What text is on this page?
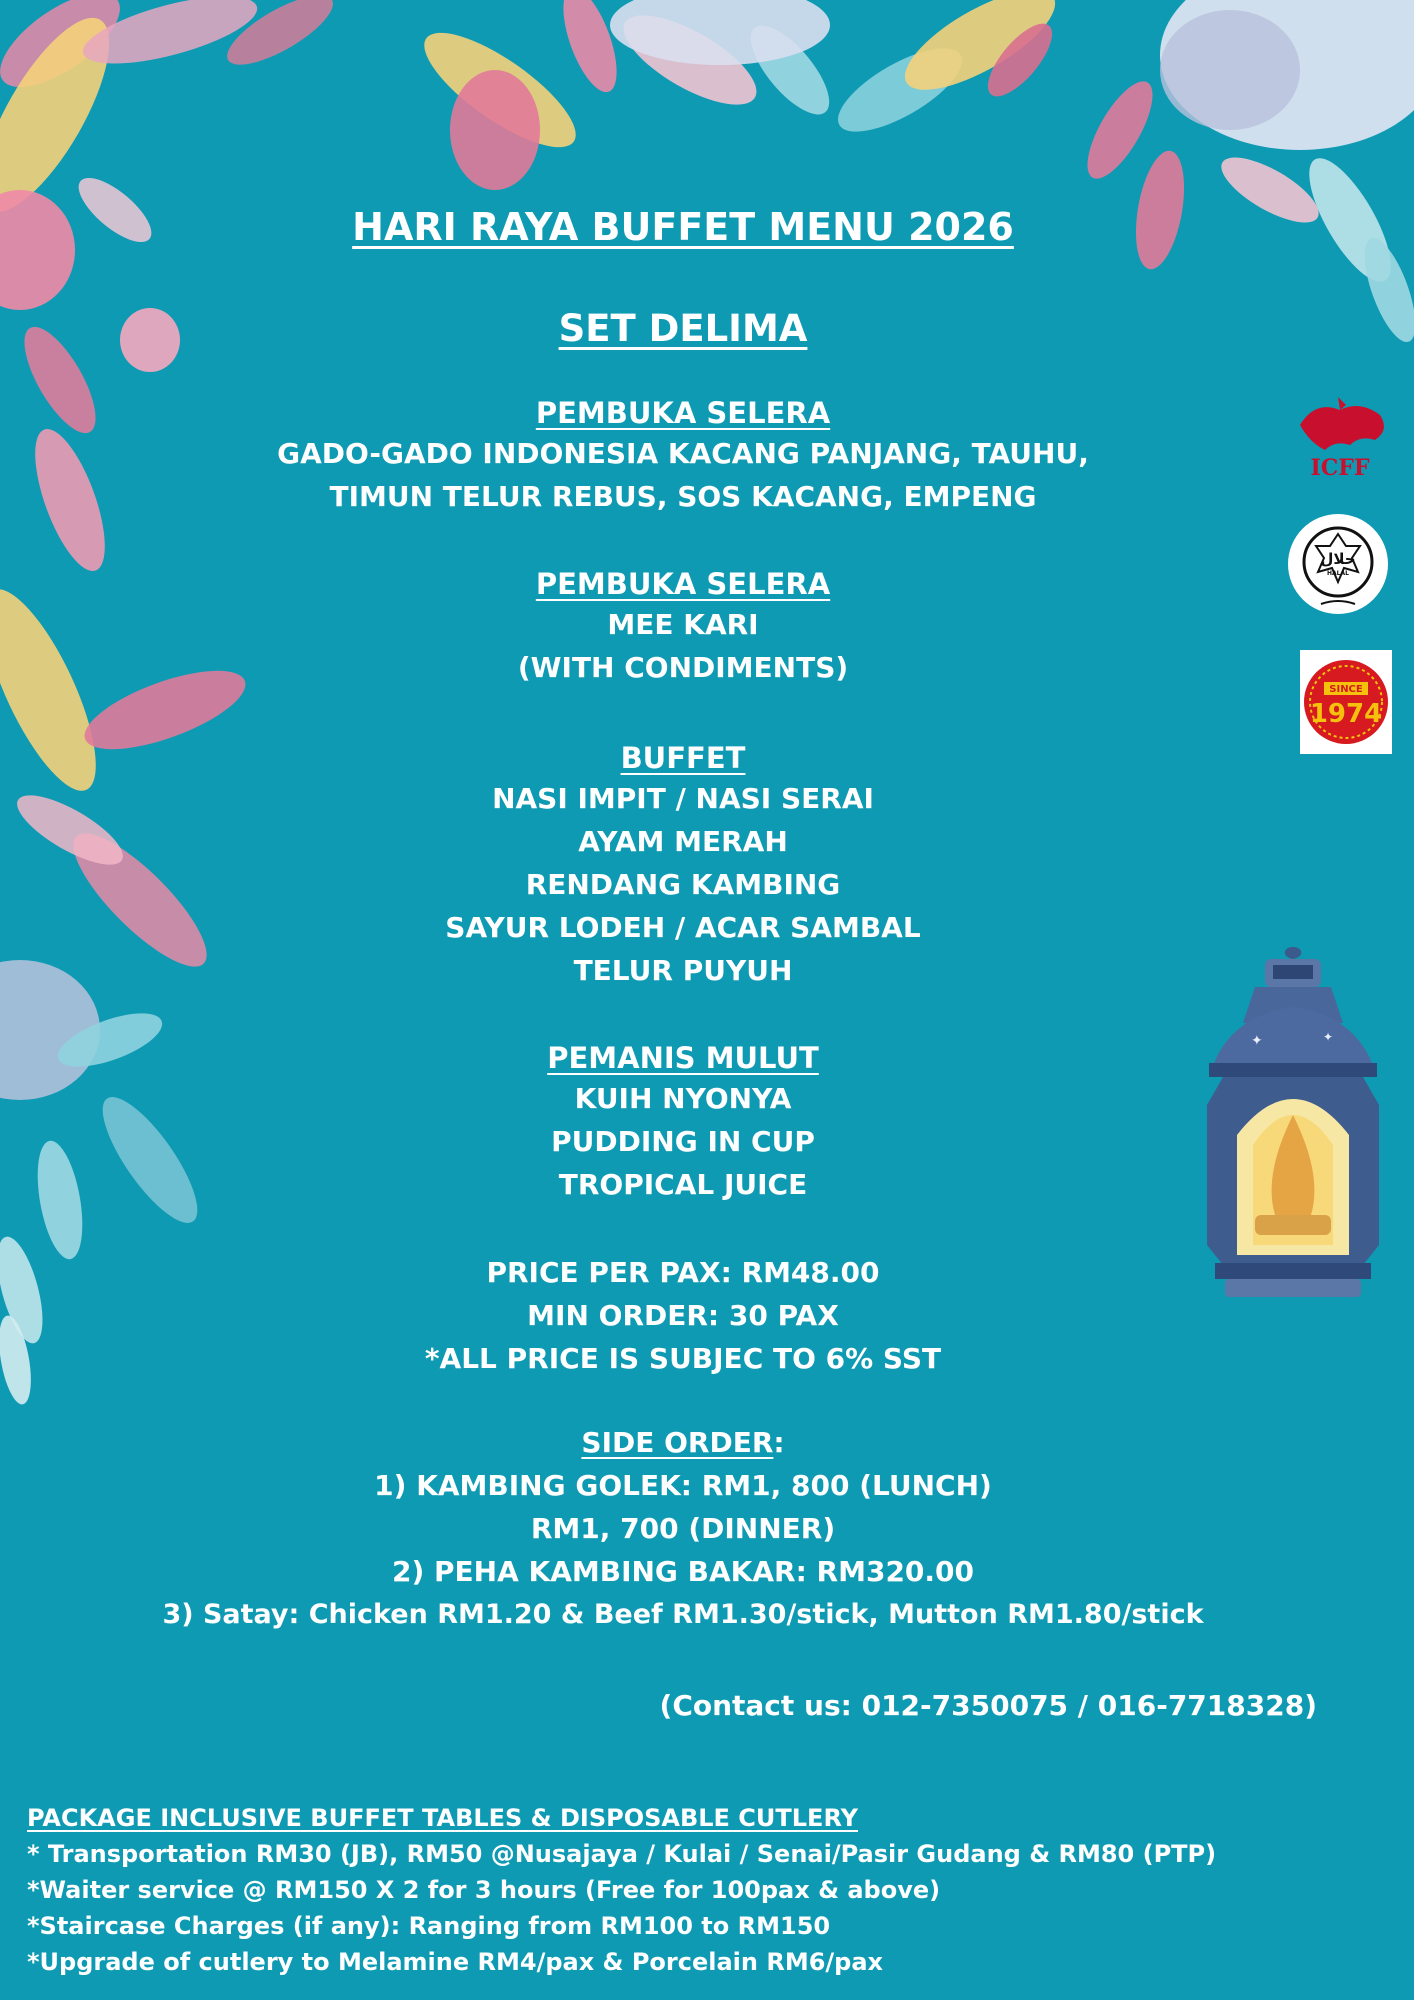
HARI RAYA BUFFET MENU 2026
SET DELIMA
PEMBUKA SELERA
GADO-GADO INDONESIA KACANG PANJANG, TAUHU,
TIMUN TELUR REBUS, SOS KACANG, EMPENG
PEMBUKA SELERA
MEE KARI
(WITH CONDIMENTS)
BUFFET
NASI IMPIT / NASI SERAI
AYAM MERAH
RENDANG KAMBING
SAYUR LODEH / ACAR SAMBAL
TELUR PUYUH
PEMANIS MULUT
KUIH NYONYA
PUDDING IN CUP
TROPICAL JUICE
PRICE PER PAX: RM48.00
MIN ORDER: 30 PAX
*ALL PRICE IS SUBJEC TO 6% SST
SIDE ORDER:
1) KAMBING GOLEK: RM1, 800 (LUNCH)
RM1, 700 (DINNER)
2) PEHA KAMBING BAKAR: RM320.00
3) Satay: Chicken RM1.20 & Beef RM1.30/stick, Mutton RM1.80/stick
(Contact us: 012-7350075 / 016-7718328)
PACKAGE INCLUSIVE BUFFET TABLES & DISPOSABLE CUTLERY
* Transportation RM30 (JB), RM50 @Nusajaya / Kulai / Senai/Pasir Gudang & RM80 (PTP)
*Waiter service @ RM150 X 2 for 3 hours (Free for 100pax & above)
*Staircase Charges (if any): Ranging from RM100 to RM150
*Upgrade of cutlery to Melamine RM4/pax & Porcelain RM6/pax
ICFF
حلال
HALAL
SINCE
1974
✦	✦
